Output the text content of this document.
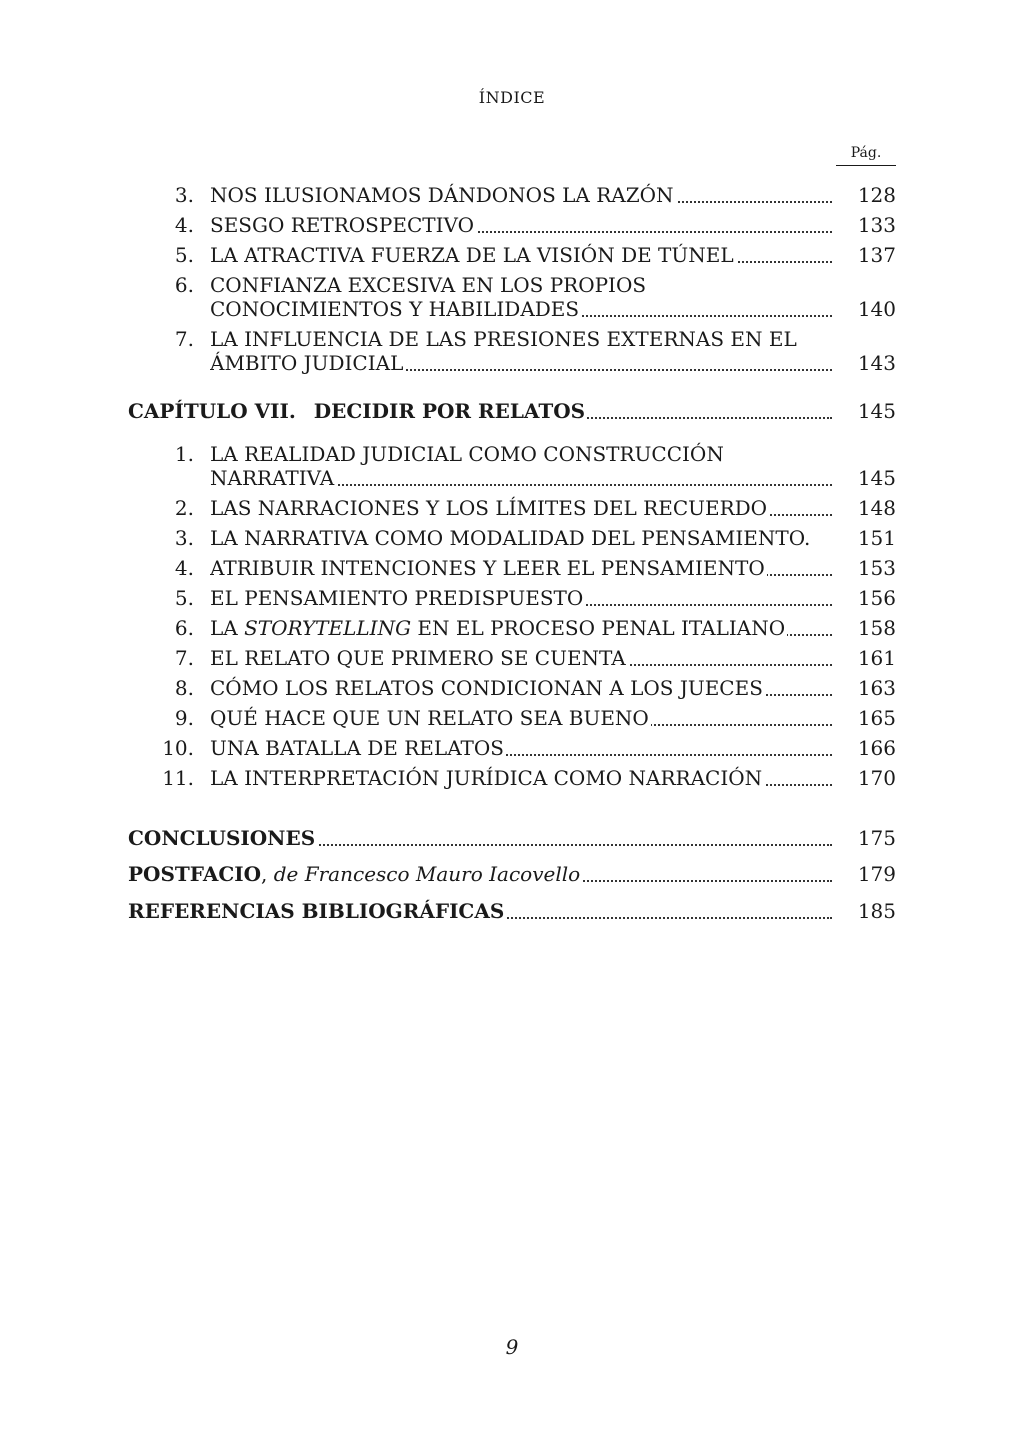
ÍNDICE
Pág.
3. NOS ILUSIONAMOS DÁNDONOS LA RAZÓN	128
4. SESGO RETROSPECTIVO	133
5. LA ATRACTIVA FUERZA DE LA VISIÓN DE TÚNEL	137
6. CONFIANZA EXCESIVA EN LOS PROPIOS
CONOCIMIENTOS Y HABILIDADES	140
7. LA INFLUENCIA DE LAS PRESIONES EXTERNAS EN EL
ÁMBITO JUDICIAL	143
CAPÍTULO VII. DECIDIR POR RELATOS	145
1. LA REALIDAD JUDICIAL COMO CONSTRUCCIÓN
NARRATIVA	145
2. LAS NARRACIONES Y LOS LÍMITES DEL RECUERDO	148
3. LA NARRATIVA COMO MODALIDAD DEL PENSAMIENTO.	151
4. ATRIBUIR INTENCIONES Y LEER EL PENSAMIENTO	153
5. EL PENSAMIENTO PREDISPUESTO	156
6. LA STORYTELLING EN EL PROCESO PENAL ITALIANO	158
7. EL RELATO QUE PRIMERO SE CUENTA	161
8. CÓMO LOS RELATOS CONDICIONAN A LOS JUECES	163
9. QUÉ HACE QUE UN RELATO SEA BUENO	165
10. UNA BATALLA DE RELATOS	166
11. LA INTERPRETACIÓN JURÍDICA COMO NARRACIÓN	170
CONCLUSIONES	175
POSTFACIO, de Francesco Mauro Iacovello	179
REFERENCIAS BIBLIOGRÁFICAS	185
9
